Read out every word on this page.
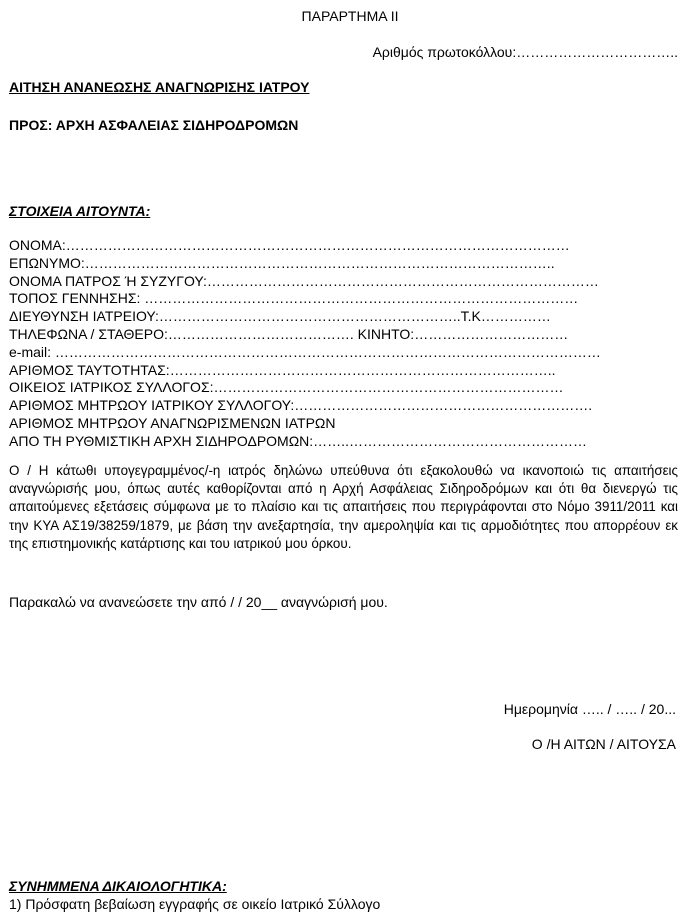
ΠΑΡΑΡΤΗΜΑ ΙΙ
Αριθμός πρωτοκόλλου:……………………………..
ΑΙΤΗΣΗ ΑΝΑΝΕΩΣΗΣ ΑΝΑΓΝΩΡΙΣΗΣ ΙΑΤΡΟΥ
ΠΡΟΣ: ΑΡΧΗ ΑΣΦΑΛΕΙΑΣ ΣΙΔΗΡΟΔΡΟΜΩΝ
ΣΤΟΙΧΕΙΑ ΑΙΤΟΥΝΤΑ:
ΟΝΟΜΑ:………………………………………………………………………………………………
ΕΠΩΝΥΜΟ:………………………………………………………………………………………..
ΟΝΟΜΑ ΠΑΤΡΟΣ Ή ΣΥΖΥΓΟΥ:…………………………………………………………………………
ΤΟΠΟΣ ΓΕΝΝΗΣΗΣ: …………………………………………………………………………………
ΔΙΕΥΘΥΝΣΗ ΙΑΤΡΕΙΟΥ:………………………………………………………..Τ.Κ……………
ΤΗΛΕΦΩΝΑ / ΣΤΑΘΕΡΟ:…………………………………. ΚΙΝΗΤΟ:……………………………
e-mail: ………………………………………………………………………………………………………
ΑΡΙΘΜΟΣ ΤΑΥΤΟΤΗΤΑΣ:………………………………………………………………………..
ΟΙΚΕΙΟΣ ΙΑΤΡΙΚΟΣ ΣΥΛΛΟΓΟΣ:…………………………………………………………………
ΑΡΙΘΜΟΣ ΜΗΤΡΩΟΥ ΙΑΤΡΙΚΟΥ ΣΥΛΛΟΓΟΥ:……………………………………………………….
ΑΡΙΘΜΟΣ ΜΗΤΡΩΟΥ ΑΝΑΓΝΩΡΙΣΜΕΝΩΝ ΙΑΤΡΩΝ
ΑΠΟ ΤΗ ΡΥΘΜΙΣΤΙΚΗ ΑΡΧΗ ΣΙΔΗΡΟΔΡΟΜΩΝ:……..……………………………………………
Ο / Η κάτωθι υπογεγραμμένος/-η ιατρός δηλώνω υπεύθυνα ότι εξακολουθώ να ικανοποιώ τις απαιτήσεις αναγνώρισής μου, όπως αυτές καθορίζονται από η Αρχή Ασφάλειας Σιδηροδρόμων και ότι θα διενεργώ τις απαιτούμενες εξετάσεις σύμφωνα με το πλαίσιο και τις απαιτήσεις που περιγράφονται στο Νόμο 3911/2011 και την ΚΥΑ ΑΣ19/38259/1879, με βάση την ανεξαρτησία, την αμεροληψία και τις αρμοδιότητες που απορρέουν εκ της επιστημονικής κατάρτισης και του ιατρικού μου όρκου.
Παρακαλώ να ανανεώσετε την από / / 20__ αναγνώρισή μου.
Ημερομηνία ….. / ….. / 20...
Ο /Η ΑΙΤΩΝ / ΑΙΤΟΥΣΑ
ΣΥΝΗΜΜΕΝΑ ΔΙΚΑΙΟΛΟΓΗΤΙΚΑ:
1) Πρόσφατη βεβαίωση εγγραφής σε οικείο Ιατρικό Σύλλογο
